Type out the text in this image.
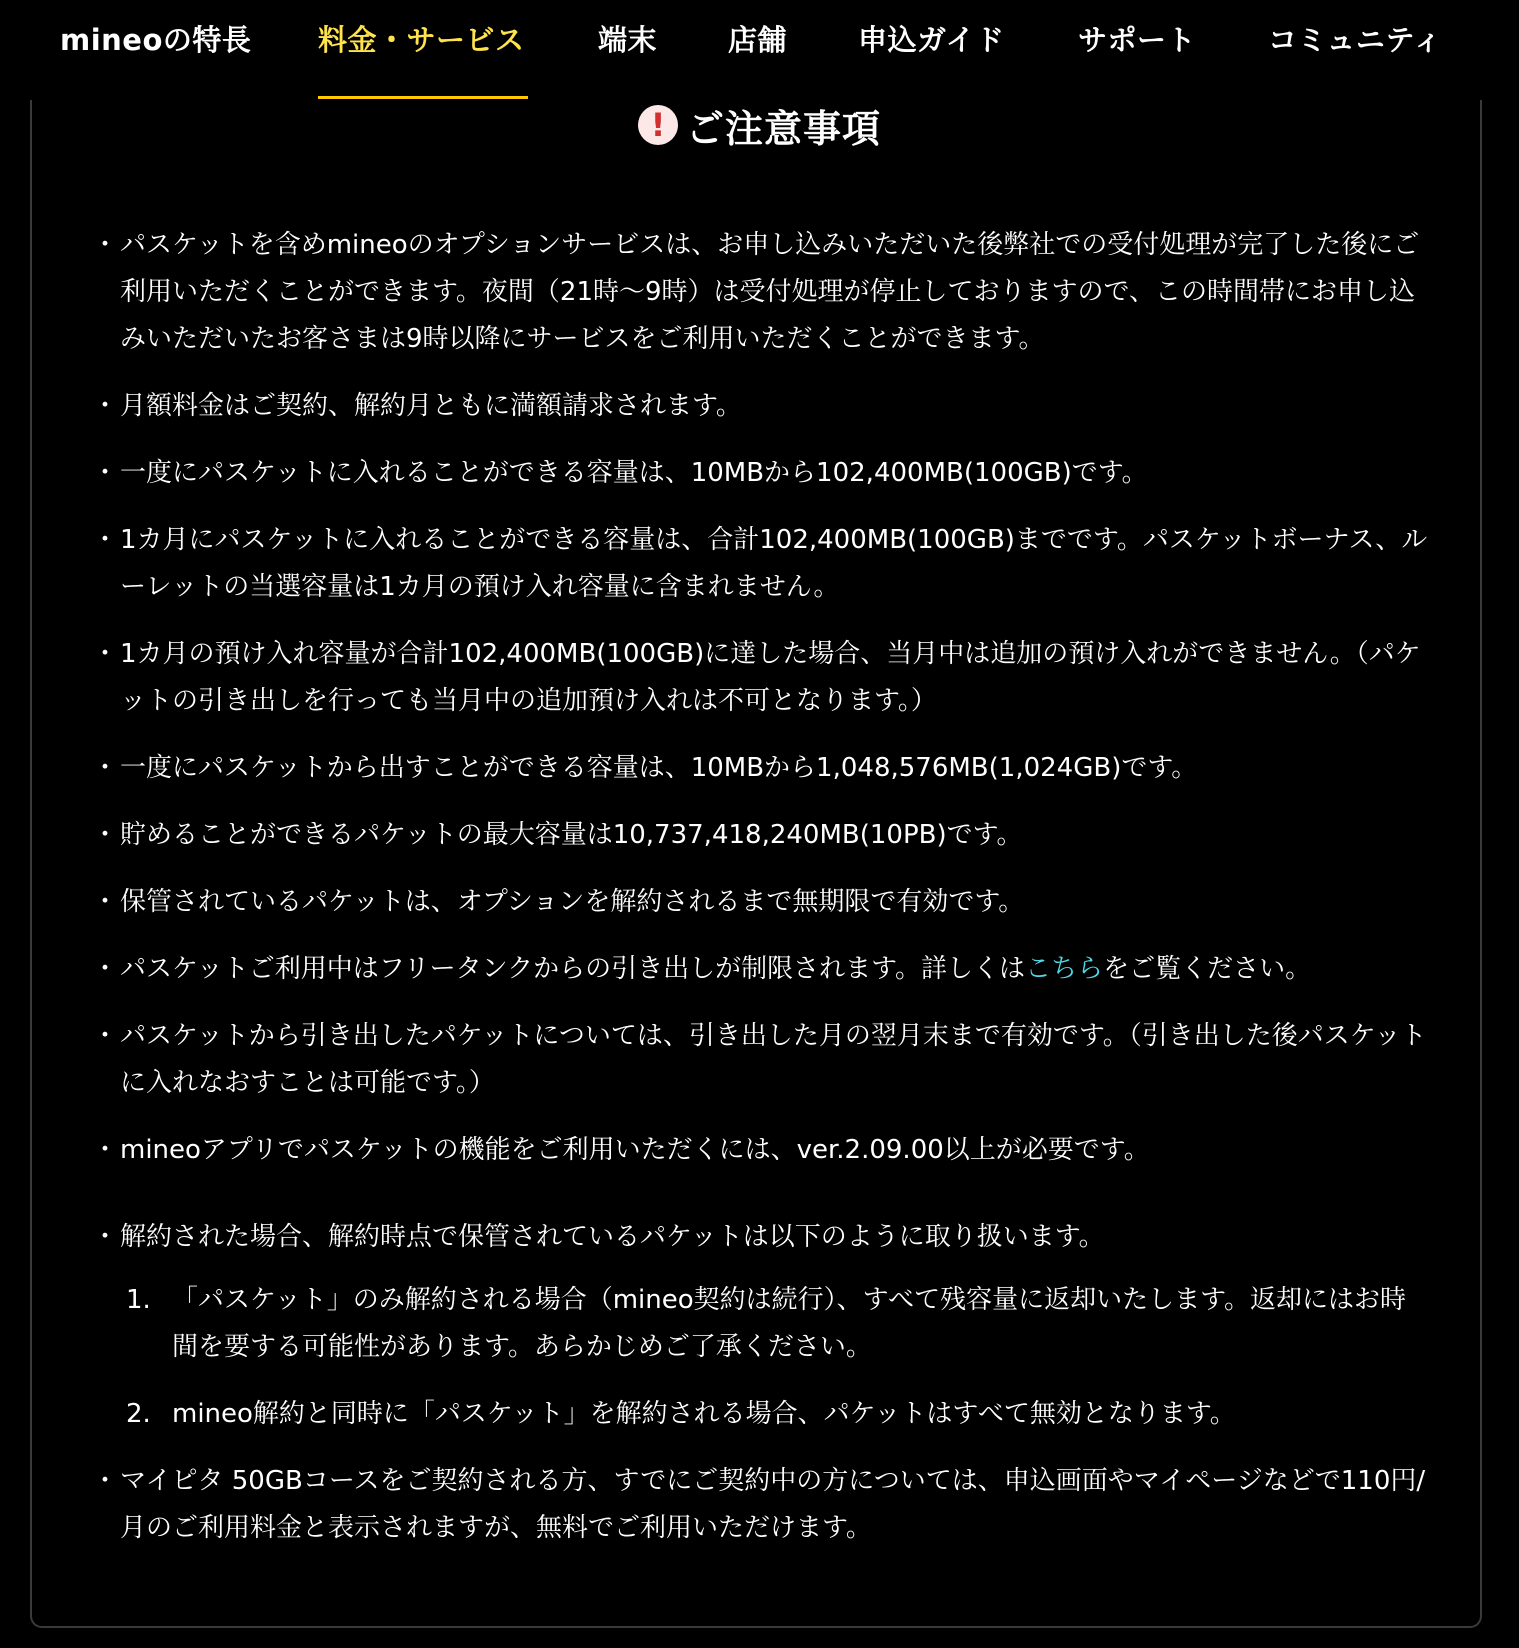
mineoの特長 料金・サービス	端末 店舗 申込ガイド	サポート コミュニティ
! ご注意事項
・ パスケットを含めmineoのオプションサービスは、お申し込みいただいた後弊社での受付処理が完了した後にご利用いただくことができます。夜間（21時～9時）は受付処理が停止しておりますので、この時間帯にお申し込みいただいたお客さまは9時以降にサービスをご利用いただくことができます。
・ 月額料金はご契約、解約月ともに満額請求されます。
・ 一度にパスケットに入れることができる容量は、10MBから102,400MB(100GB)です。
・ 1カ月にパスケットに入れることができる容量は、合計102,400MB(100GB)までです。パスケットボーナス、ルーレットの当選容量は1カ月の預け入れ容量に含まれません。
・ 1カ月の預け入れ容量が合計102,400MB(100GB)に達した場合、当月中は追加の預け入れができません。（パケットの引き出しを行っても当月中の追加預け入れは不可となります。）
・ 一度にパスケットから出すことができる容量は、10MBから1,048,576MB(1,024GB)です。
・ 貯めることができるパケットの最大容量は10,737,418,240MB(10PB)です。
・ 保管されているパケットは、オプションを解約されるまで無期限で有効です。
・ パスケットご利用中はフリータンクからの引き出しが制限されます。詳しくはこちらをご覧ください。
・ パスケットから引き出したパケットについては、引き出した月の翌月末まで有効です。（引き出した後パスケットに入れなおすことは可能です。）
・ mineoアプリでパスケットの機能をご利用いただくには、ver.2.09.00以上が必要です。
・ 解約された場合、解約時点で保管されているパケットは以下のように取り扱います。
1. 「パスケット」のみ解約される場合（mineo契約は続行）、すべて残容量に返却いたします。返却にはお時間を要する可能性があります。あらかじめご了承ください。
2. mineo解約と同時に「パスケット」を解約される場合、パケットはすべて無効となります。
・ マイピタ 50GBコースをご契約される方、すでにご契約中の方については、申込画面やマイページなどで110円/月のご利用料金と表示されますが、無料でご利用いただけます。
